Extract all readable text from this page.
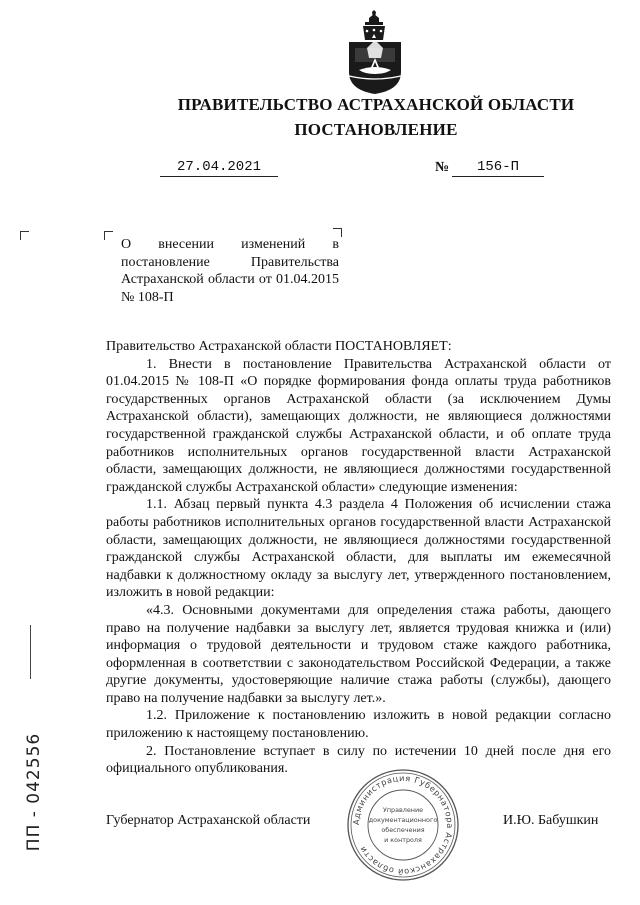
ПРАВИТЕЛЬСТВО АСТРАХАНСКОЙ ОБЛАСТИ
ПОСТАНОВЛЕНИЕ
27.04.2021	№	156-П
О внесении изменений в постановление Правительства Астраханской области от 01.04.2015 № 108-П

Правительство Астраханской области ПОСТАНОВЛЯЕТ:

1. Внести в постановление Правительства Астраханской области от 01.04.2015 № 108-П «О порядке формирования фонда оплаты труда работников государственных органов Астраханской области (за исключением Думы Астраханской области), замещающих должности, не являющиеся должностями государственной гражданской службы Астраханской области, и об оплате труда работников исполнительных органов государственной власти Астраханской области, замещающих должности, не являющиеся должностями государственной гражданской службы Астраханской области» следующие изменения:

1.1. Абзац первый пункта 4.3 раздела 4 Положения об исчислении стажа работы работников исполнительных органов государственной власти Астраханской области, замещающих должности, не являющиеся должностями государственной гражданской службы Астраханской области, для выплаты им ежемесячной надбавки к должностному окладу за выслугу лет, утвержденного постановлением, изложить в новой редакции:

«4.3. Основными документами для определения стажа работы, дающего право на получение надбавки за выслугу лет, является трудовая книжка и (или) информация о трудовой деятельности и трудовом стаже каждого работника, оформленная в соответствии с законодательством Российской Федерации, а также другие документы, удостоверяющие наличие стажа работы (службы), дающего право на получение надбавки за выслугу лет.».

1.2. Приложение к постановлению изложить в новой редакции согласно приложению к настоящему постановлению.

2. Постановление вступает в силу по истечении 10 дней после дня его официального опубликования.

Губернатор Астраханской области	И.Ю. Бабушкин
Администрация Губернатора Астраханской области
Управление
документационного
обеспечения
и контроля
ПП - 042556
